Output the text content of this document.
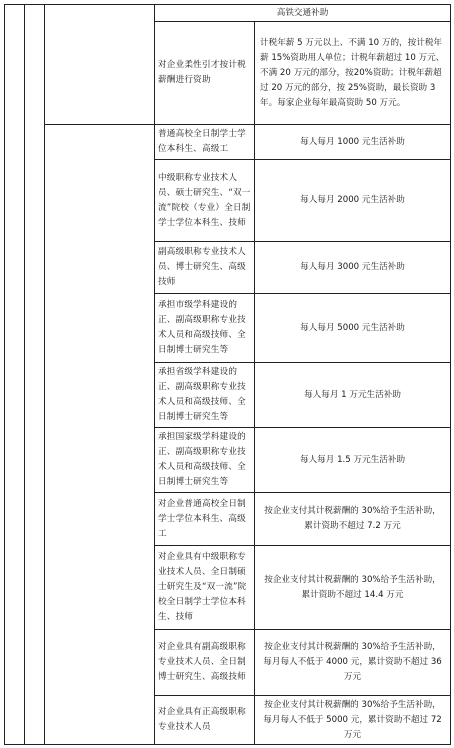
			高铁交通补助	

			对企业柔性引才按计税薪酬进行资助	计税年薪 5 万元以上、不满 10 万的，按计税年薪 15%资助用人单位；计税年薪超过 10 万元、不满 20 万元的部分，按20%资助；计税年薪超过 20 万元的部分，按 25%资助，最长资助 3 年。每家企业每年最高资助 50 万元。

			普通高校全日制学士学位本科生、高级工	每人每月 1000 元生活补助

			中级职称专业技术人员、硕士研究生、“双一流”院校（专业）全日制学士学位本科生、技师	每人每月 2000 元生活补助

			副高级职称专业技术人员、博士研究生、高级技师	每人每月 3000 元生活补助

			承担市级学科建设的正、副高级职称专业技术人员和高级技师、全日制博士研究生等	每人每月 5000 元生活补助

			承担省级学科建设的正、副高级职称专业技术人员和高级技师、全日制博士研究生等	每人每月 1 万元生活补助

			承担国家级学科建设的正、副高级职称专业技术人员和高级技师、全日制博士研究生等	每人每月 1.5 万元生活补助

			对企业普通高校全日制学士学位本科生、高级工	按企业支付其计税薪酬的 30%给予生活补助，累计资助不超过 7.2 万元

			对企业具有中级职称专业技术人员、全日制硕士研究生及“双一流”院校全日制学士学位本科生、技师	按企业支付其计税薪酬的 30%给予生活补助，累计资助不超过 14.4 万元

			对企业具有副高级职称专业技术人员、全日制博士研究生、高级技师	按企业支付其计税薪酬的 30%给予生活补助，每月每人不低于 4000 元，累计资助不超过 36 万元

			对企业具有正高级职称专业技术人员	按企业支付其计税薪酬的 30%给予生活补助，每月每人不低于 5000 元，累计资助不超过 72 万元
